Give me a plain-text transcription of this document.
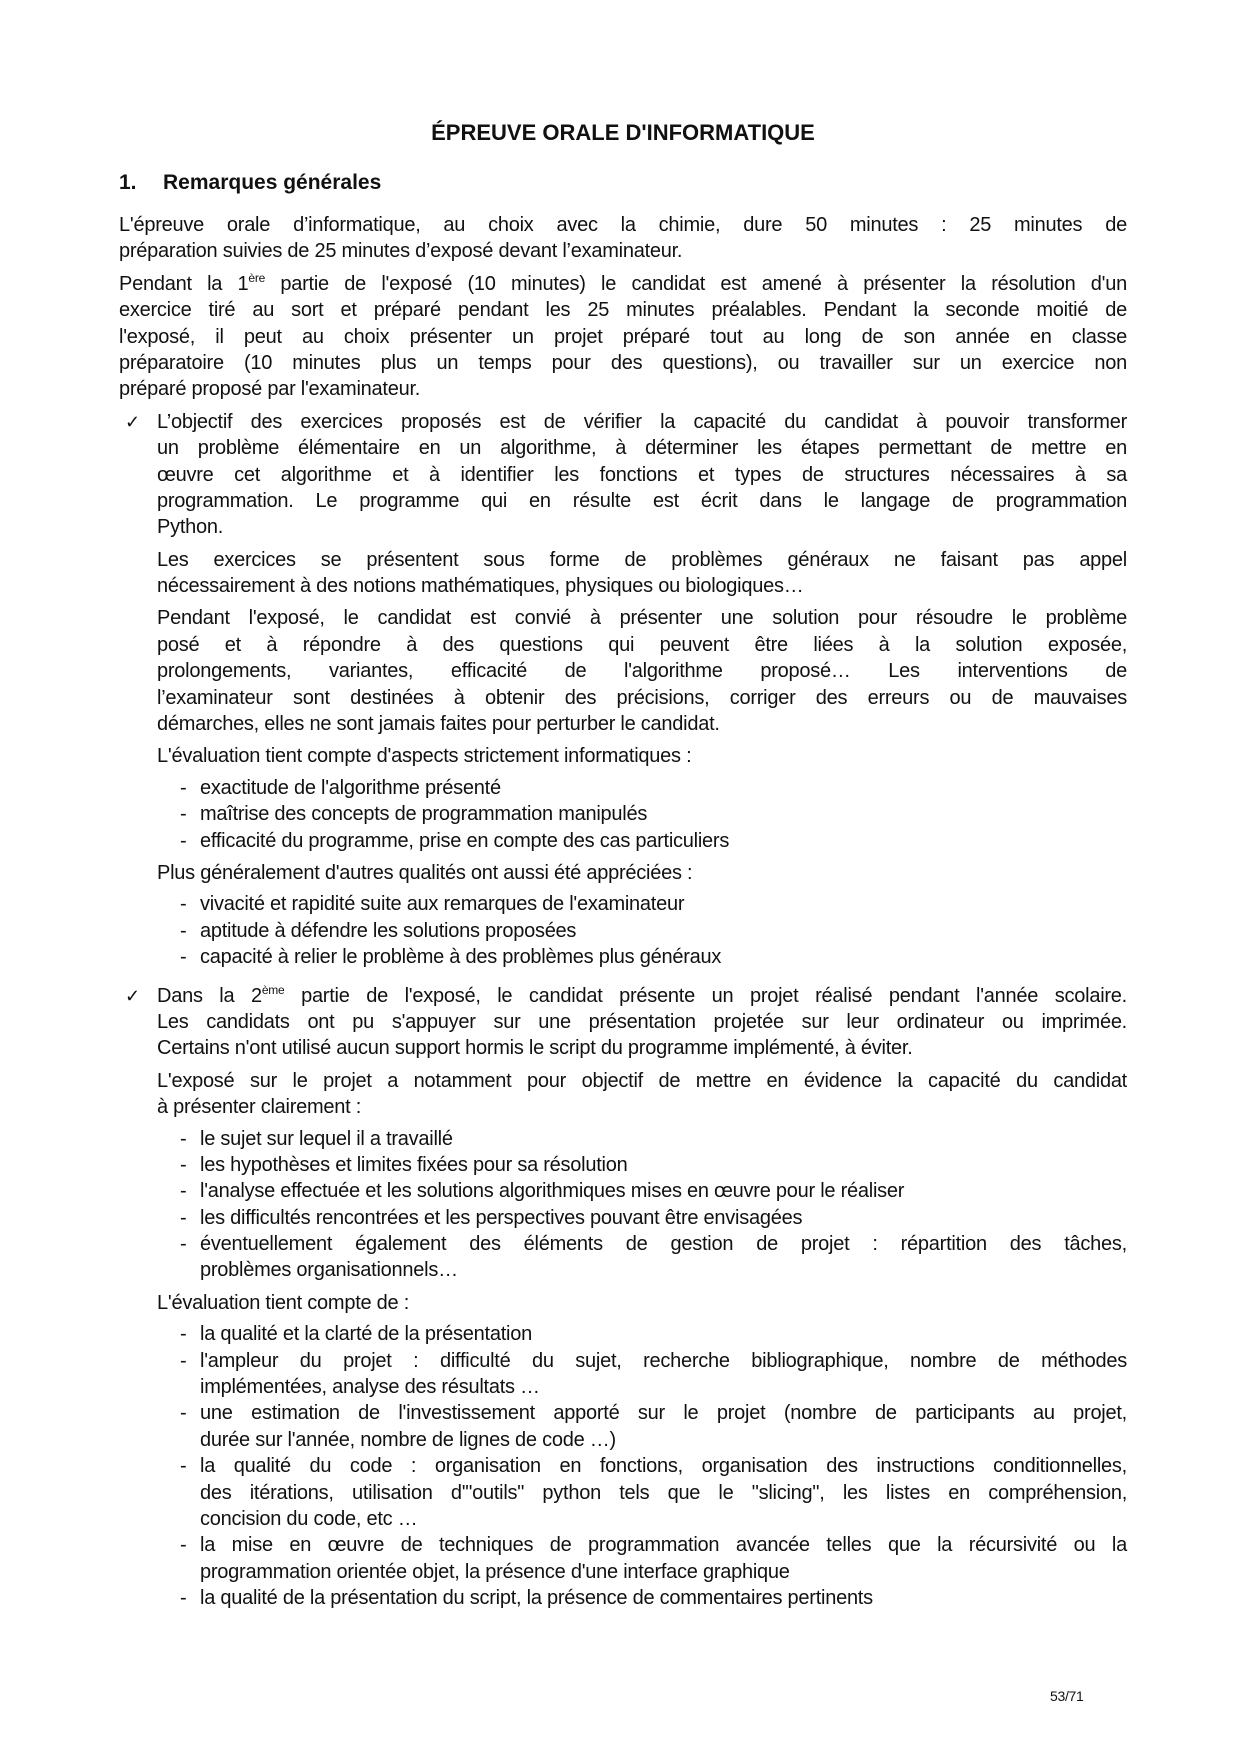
ÉPREUVE ORALE D'INFORMATIQUE
1. Remarques générales
L'épreuve orale d’informatique, au choix avec la chimie, dure 50 minutes : 25 minutes de
préparation suivies de 25 minutes d’exposé devant l’examinateur.
Pendant la 1ère partie de l'exposé (10 minutes) le candidat est amené à présenter la résolution d'un
exercice tiré au sort et préparé pendant les 25 minutes préalables. Pendant la seconde moitié de
l'exposé, il peut au choix présenter un projet préparé tout au long de son année en classe
préparatoire (10 minutes plus un temps pour des questions), ou travailler sur un exercice non
préparé proposé par l'examinateur.
✓ L’objectif des exercices proposés est de vérifier la capacité du candidat à pouvoir transformer
un problème élémentaire en un algorithme, à déterminer les étapes permettant de mettre en
œuvre cet algorithme et à identifier les fonctions et types de structures nécessaires à sa
programmation. Le programme qui en résulte est écrit dans le langage de programmation
Python.
Les exercices se présentent sous forme de problèmes généraux ne faisant pas appel
nécessairement à des notions mathématiques, physiques ou biologiques…
Pendant l'exposé, le candidat est convié à présenter une solution pour résoudre le problème
posé et à répondre à des questions qui peuvent être liées à la solution exposée,
prolongements, variantes, efficacité de l'algorithme proposé… Les interventions de
l’examinateur sont destinées à obtenir des précisions, corriger des erreurs ou de mauvaises
démarches, elles ne sont jamais faites pour perturber le candidat.
L'évaluation tient compte d'aspects strictement informatiques :
- exactitude de l'algorithme présenté
- maîtrise des concepts de programmation manipulés
- efficacité du programme, prise en compte des cas particuliers
Plus généralement d'autres qualités ont aussi été appréciées :
- vivacité et rapidité suite aux remarques de l'examinateur
- aptitude à défendre les solutions proposées
- capacité à relier le problème à des problèmes plus généraux
✓ Dans la 2ème partie de l'exposé, le candidat présente un projet réalisé pendant l'année scolaire.
Les candidats ont pu s'appuyer sur une présentation projetée sur leur ordinateur ou imprimée.
Certains n'ont utilisé aucun support hormis le script du programme implémenté, à éviter.
L'exposé sur le projet a notamment pour objectif de mettre en évidence la capacité du candidat
à présenter clairement :
- le sujet sur lequel il a travaillé
- les hypothèses et limites fixées pour sa résolution
- l'analyse effectuée et les solutions algorithmiques mises en œuvre pour le réaliser
- les difficultés rencontrées et les perspectives pouvant être envisagées
- éventuellement également des éléments de gestion de projet : répartition des tâches,
problèmes organisationnels…
L'évaluation tient compte de :
- la qualité et la clarté de la présentation
- l'ampleur du projet : difficulté du sujet, recherche bibliographique, nombre de méthodes
implémentées, analyse des résultats …
- une estimation de l'investissement apporté sur le projet (nombre de participants au projet,
durée sur l'année, nombre de lignes de code …)
- la qualité du code : organisation en fonctions, organisation des instructions conditionnelles,
des itérations, utilisation d'"outils" python tels que le "slicing", les listes en compréhension,
concision du code, etc …
- la mise en œuvre de techniques de programmation avancée telles que la récursivité ou la
programmation orientée objet, la présence d'une interface graphique
- la qualité de la présentation du script, la présence de commentaires pertinents
53/71
